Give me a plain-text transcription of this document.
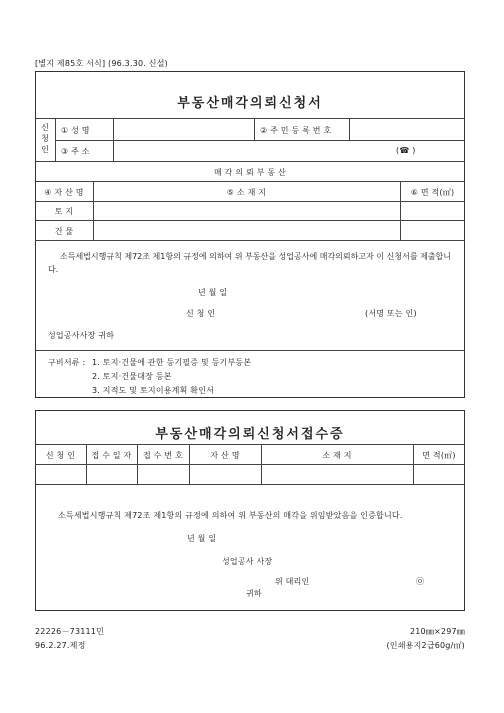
[별지 제85호 서식] (96.3.30. 신설)
부동산매각의뢰신청서
신
청
인
① 성 명	② 주 민 등 록 번 호
③ 주 소	(☎ )
매 각 의 뢰 부 동 산
④ 자 산 명	⑤ 소 재 지	⑥ 면 적(㎡)
토 지
건 물
소득세법시행규칙 제72조 제1항의 규정에 의하여 위 부동산을 성업공사에 매각의뢰하고자 이 신청서를 제출합니다.
년 월 일
신 청 인	(서명 또는 인)
성업공사사장 귀하
구비서류 : 1. 토지·건물에 관한 등기필증 및 등기부등본
2. 토지·건물대장 등본
3. 지적도 및 토지이용계획 확인서
부동산매각의뢰신청서접수증
신 청 인	접 수 일 자	접 수 번 호	자 산 명	소 재 지	면 적(㎡)
소득세법시행규칙 제72조 제1항의 규정에 의하여 위 부동산의 매각을 위임받았음을 인증합니다.
년 월 일
성업공사 사장
위 대리인	㉧
귀하
22226－73111민
96.2.27.제정
210㎜×297㎜
(인쇄용지2급60g/㎡)
